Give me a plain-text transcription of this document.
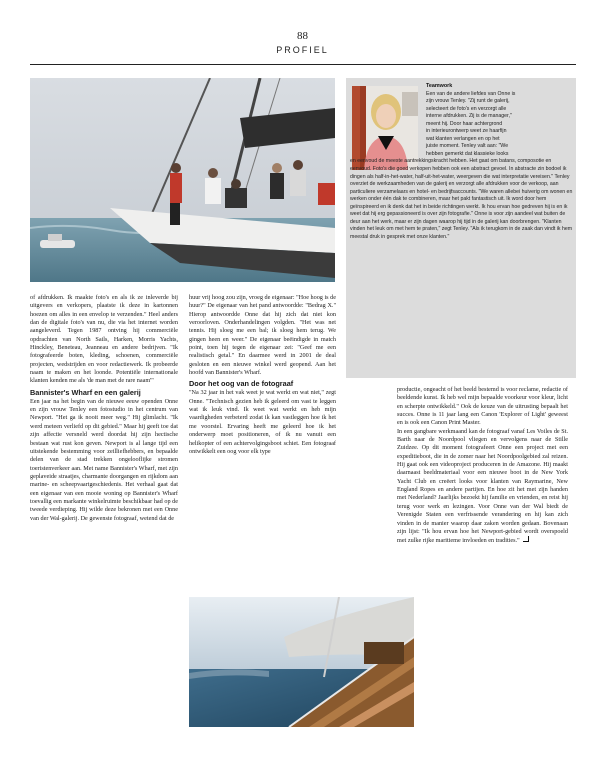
88
PROFIEL
Teamwork
Een van de andere liefdes van Onne is
zijn vrouw Tenley. "Zij runt de galerij,
selecteert de foto's en verzorgt alle
interne afdrukken. Zij is de manager,"
meent hij. Door haar achtergrond
in interieurontwerp weet ze haarfijn
wat klanten verlangen en op het
juiste moment. Tenley valt aan: "We
hebben gemerkt dat klassieke looks

en eenvoud de meeste aantrekkingskracht hebben. Het gaat om batans, composotie en eenvoud. Foto's die goed verkopen hebben ook een abstract gevoel. In abstracte zin bodoel ik dingen als half-in-het-water, half-uit-het-water, weergeven die wat interpretatie vereisen." Tenley overziet de werkzaamheden van de galerij en verzorgt alle afdrukken voor de verkoop, aan particuliere verzamelaars en hotel- en bedrijfsaccounts. "We waren allebei huiverig om wonen en werken onder één dak te combineren, maar het pakt fantastisch uit. Ik word door hem geïnspireerd en ik denk dat het in beide richtingen werkt. Ik hou ervan hoe gedreven hij is en ik weet dat hij erg gepassioneerd is over zijn fotografie." Onne is voor zijn aandeel wat buiten de deur aan het werk, maar er zijn dagen waarop hij tijd in de galerij kan doorbrengen. "Klanten vinden het leuk om met hem te praten," zegt Tenley. "Als ik terugkom in de zaak dan vindt ik hem meestal druk in gesprek met onze klanten."

of afdrukken. Ik maakte foto's en als ik ze inleverde bij uitgevers en verkopers, plaatste ik deze in kartonnen hoezen om alles in een envelop te verzenden." Heel anders dan de digitale foto's van nu, die via het internet worden aangeleverd. Tegen 1987 ontving hij commerciële opdrachten van North Sails, Harken, Morris Yachts, Hinckley, Beneteau, Jeanneau en andere bedrijven. "Ik fotografeerde boten, kleding, schoenen, commerciële projecten, wedstrijden en voor redactiewerk. Ik probeerde naam te maken en het loonde. Potentiële internationale klanten kenden me als 'de man met de rare naam'"

Bannister's Wharf en een galerij

Een jaar na het begin van de nieuwe eeuw openden Onne en zijn vrouw Tenley een fotostudio in het centrum van Newport. "Het ga ik nooit meer weg." Hij glimlacht. "Ik werd meteen verliefd op dit gebied." Maar hij geeft toe dat zijn affectie versneld werd doordat hij zijn hectische bestaan wat rust kon geven. Newport is al lange tijd een uitstekende bestemming voor zeilliefhebbers, en bepaalde delen van de stad trekken ongelooflijke stromen toeristenverkeer aan. Met name Bannister's Wharf, met zijn geplaveide straatjes, charmante doorgangen en rijkdom aan marine- en scheepvaartgeschiedenis. Het verhaal gaat dat een eigenaar van een mooie woning op Bannister's Wharf toevallig een markante winkelruimte beschikbaar had op de tweede verdieping. Hij wilde deze bekronen met een Onne van der Wal-galerij. De gewenste fotograaf, wetend dat de

huur vrij hoog zou zijn, vroeg de eigenaar: "Hoe hoog is de huur?" De eigenaar van het pand antwoordde: "Bedrag X." Hierop antwoordde Onne dat hij zich dat niet kon veroorloven. Onderhandelingen volgden. "Het was net tennis. Hij sloeg me een bal; ik sloeg hem terug. We gingen heen en weer." De eigenaar beëindigde in match point, toen hij tegen de eigenaar zei: "Geef me een realistisch getal." En daarmee werd in 2001 de deal gesloten en een nieuwe winkel werd geopend. Aan het hoofd van Bannister's Wharf.

Door het oog van de fotograaf

"Na 32 jaar in het vak weet je wat werkt en wat niet," zegt Onne. "Technisch gezien heb ik geleerd om vast te leggen wat ik leuk vind. Ik weet wat werkt en heb mijn vaardigheden verbeterd zodat ik kan vastleggen hoe ik het me voorstel. Ervaring heeft me geleerd hoe ik het onderwerp moet positioneren, of ik nu vanuit een helikopter of een achtervolgingsboot schiet. Een fotograaf ontwikkelt een oog voor elk type

productie, ongeacht of het beeld bestemd is voor reclame, redactie of beeldende kunst. Ik heb wel mijn bepaalde voorkeur voor kleur, licht en scherpte ontwikkeld." Ook de keuze van de uitrusting bepaalt het succes. Onne is 11 jaar lang een Canon 'Explorer of Light' geweest en is ook een Canon Print Master.

In een gangbare werkmaand kan de fotograaf vanaf Les Voiles de St. Barth naar de Noordpool vliegen en vervolgens naar de Stille Zuidzee. Op dit moment fotografeert Onne een project met een expeditieboot, die in de zomer naar het Noordpoolgebied zal reizen. Hij gaat ook een videoproject produceren in de Amazone. Hij maakt daarnaast beeldmateriaal voor een nieuwe boot in de New York Yacht Club en creëert looks voor klanten van Raymarine, New England Ropes en andere partijen. En hoe zit het met zijn handen met Nederland? Jaarlijks bezoekt hij familie en vrienden, en reist hij terug voor werk en lezingen. Voor Onne van der Wal biedt de Verenigde Staten een verfrissende verandering en hij kan zich vinden in de manier waarop daar zaken worden gedaan. Bovenaan zijn lijst: "Ik hou ervan hoe het Newport-gebied wordt overspoeld met zulke rijke maritieme invloeden en tradities."
